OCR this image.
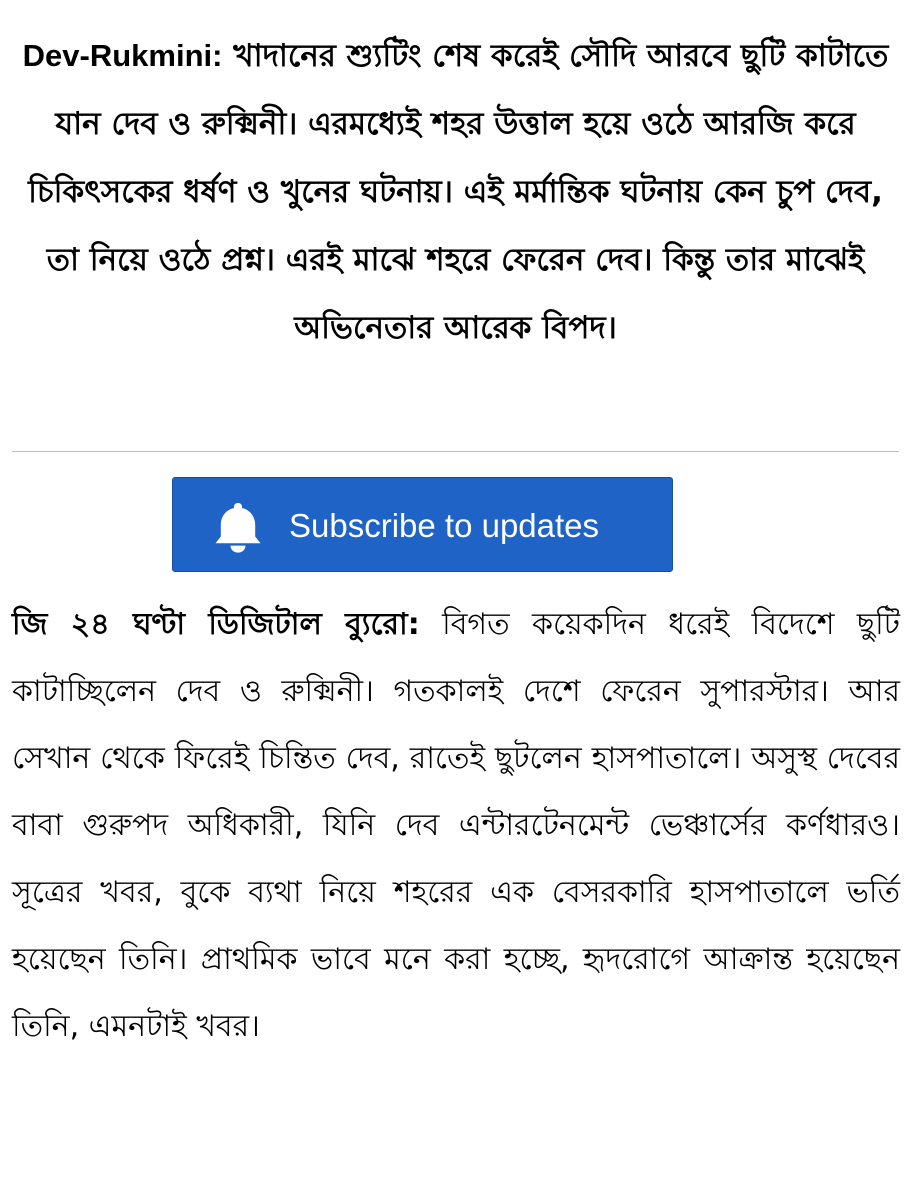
Dev-Rukmini: খাদানের শ্যুটিং শেষ করেই সৌদি আরবে ছুটি কাটাতে যান দেব ও রুক্মিনী। এরমধ্যেই শহর উত্তাল হয়ে ওঠে আরজি করে চিকিৎসকের ধর্ষণ ও খুনের ঘটনায়। এই মর্মান্তিক ঘটনায় কেন চুপ দেব, তা নিয়ে ওঠে প্রশ্ন। এরই মাঝে শহরে ফেরেন দেব। কিন্তু তার মাঝেই অভিনেতার আরেক বিপদ।

Subscribe to updates

জি ২৪ ঘণ্টা ডিজিটাল ব্যুরো: বিগত কয়েকদিন ধরেই বিদেশে ছুটি কাটাচ্ছিলেন দেব ও রুক্মিনী। গতকালই দেশে ফেরেন সুপারস্টার। আর সেখান থেকে ফিরেই চিন্তিত দেব, রাতেই ছুটলেন হাসপাতালে। অসুস্থ দেবের বাবা গুরুপদ অধিকারী, যিনি দেব এন্টারটেনমেন্ট ভেঞ্চার্সের কর্ণধারও। সূত্রের খবর, বুকে ব্যথা নিয়ে শহরের এক বেসরকারি হাসপাতালে ভর্তি হয়েছেন তিনি। প্রাথমিক ভাবে মনে করা হচ্ছে, হৃদরোগে আক্রান্ত হয়েছেন তিনি, এমনটাই খবর।
